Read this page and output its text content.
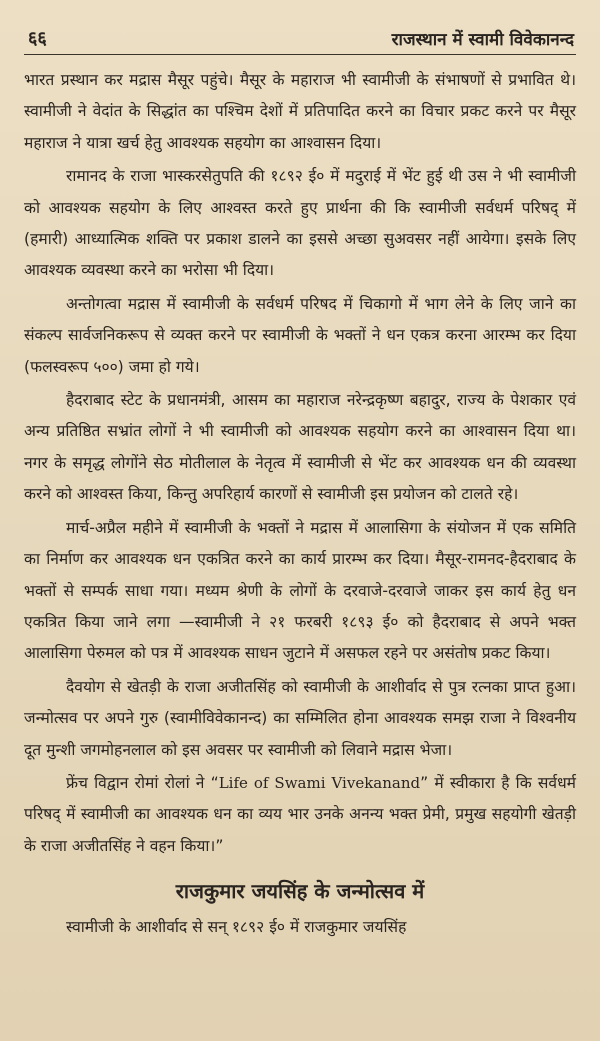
६६	राजस्थान में स्वामी विवेकानन्द

भारत प्रस्थान कर मद्रास मैसूर पहुंचे। मैसूर के महाराज भी स्वामीजी के संभाषणों से प्रभावित थे। स्वामीजी ने वेदांत के सिद्धांत का पश्चिम देशों में प्रतिपादित करने का विचार प्रकट करने पर मैसूर महाराज ने यात्रा खर्च हेतु आवश्यक सहयोग का आश्वासन दिया।

रामानद के राजा भास्करसेतुपति की १८९२ ई० में मदुराई में भेंट हुई थी उस ने भी स्वामीजी को आवश्यक सहयोग के लिए आश्वस्त करते हुए प्रार्थना की कि स्वामीजी सर्वधर्म परिषद् में (हमारी) आध्यात्मिक शक्ति पर प्रकाश डालने का इससे अच्छा सुअवसर नहीं आयेगा। इसके लिए आवश्यक व्यवस्था करने का भरोसा भी दिया।

अन्तोगत्वा मद्रास में स्वामीजी के सर्वधर्म परिषद में चिकागो में भाग लेने के लिए जाने का संकल्प सार्वजनिकरूप से व्यक्त करने पर स्वामीजी के भक्तों ने धन एकत्र करना आरम्भ कर दिया (फलस्वरूप ५००) जमा हो गये।

हैदराबाद स्टेट के प्रधानमंत्री, आसम का महाराज नरेन्द्रकृष्ण बहादुर, राज्य के पेशकार एवं अन्य प्रतिष्ठित सभ्रांत लोगों ने भी स्वामीजी को आवश्यक सहयोग करने का आश्वासन दिया था। नगर के समृद्ध लोगोंने सेठ मोतीलाल के नेतृत्व में स्वामीजी से भेंट कर आवश्यक धन की व्यवस्था करने को आश्वस्त किया, किन्तु अपरिहार्य कारणों से स्वामीजी इस प्रयोजन को टालते रहे।

मार्च-अप्रैल महीने में स्वामीजी के भक्तों ने मद्रास में आलासिगा के संयोजन में एक समिति का निर्माण कर आवश्यक धन एकत्रित करने का कार्य प्रारम्भ कर दिया। मैसूर-रामनद-हैदराबाद के भक्तों से सम्पर्क साधा गया। मध्यम श्रेणी के लोगों के दरवाजे-दरवाजे जाकर इस कार्य हेतु धन एकत्रित किया जाने लगा —स्वामीजी ने २१ फरबरी १८९३ ई० को हैदराबाद से अपने भक्त आलासिगा पेरुमल को पत्र में आवश्यक साधन जुटाने में असफल रहने पर असंतोष प्रकट किया।

दैवयोग से खेतड़ी के राजा अजीतसिंह को स्वामीजी के आशीर्वाद से पुत्र रत्नका प्राप्त हुआ। जन्मोत्सव पर अपने गुरु (स्वामीविवेकानन्द) का सम्मिलित होना आवश्यक समझ राजा ने विश्वनीय दूत मुन्शी जगमोहनलाल को इस अवसर पर स्वामीजी को लिवाने मद्रास भेजा।

फ्रेंच विद्वान रोमां रोलां ने “Life of Swami Vivekanand” में स्वीकारा है कि सर्वधर्म परिषद् में स्वामीजी का आवश्यक धन का व्यय भार उनके अनन्य भक्त प्रेमी, प्रमुख सहयोगी खेतड़ी के राजा अजीतसिंह ने वहन किया।”

राजकुमार जयसिंह के जन्मोत्सव में

स्वामीजी के आशीर्वाद से सन् १८९२ ई० में राजकुमार जयसिंह
